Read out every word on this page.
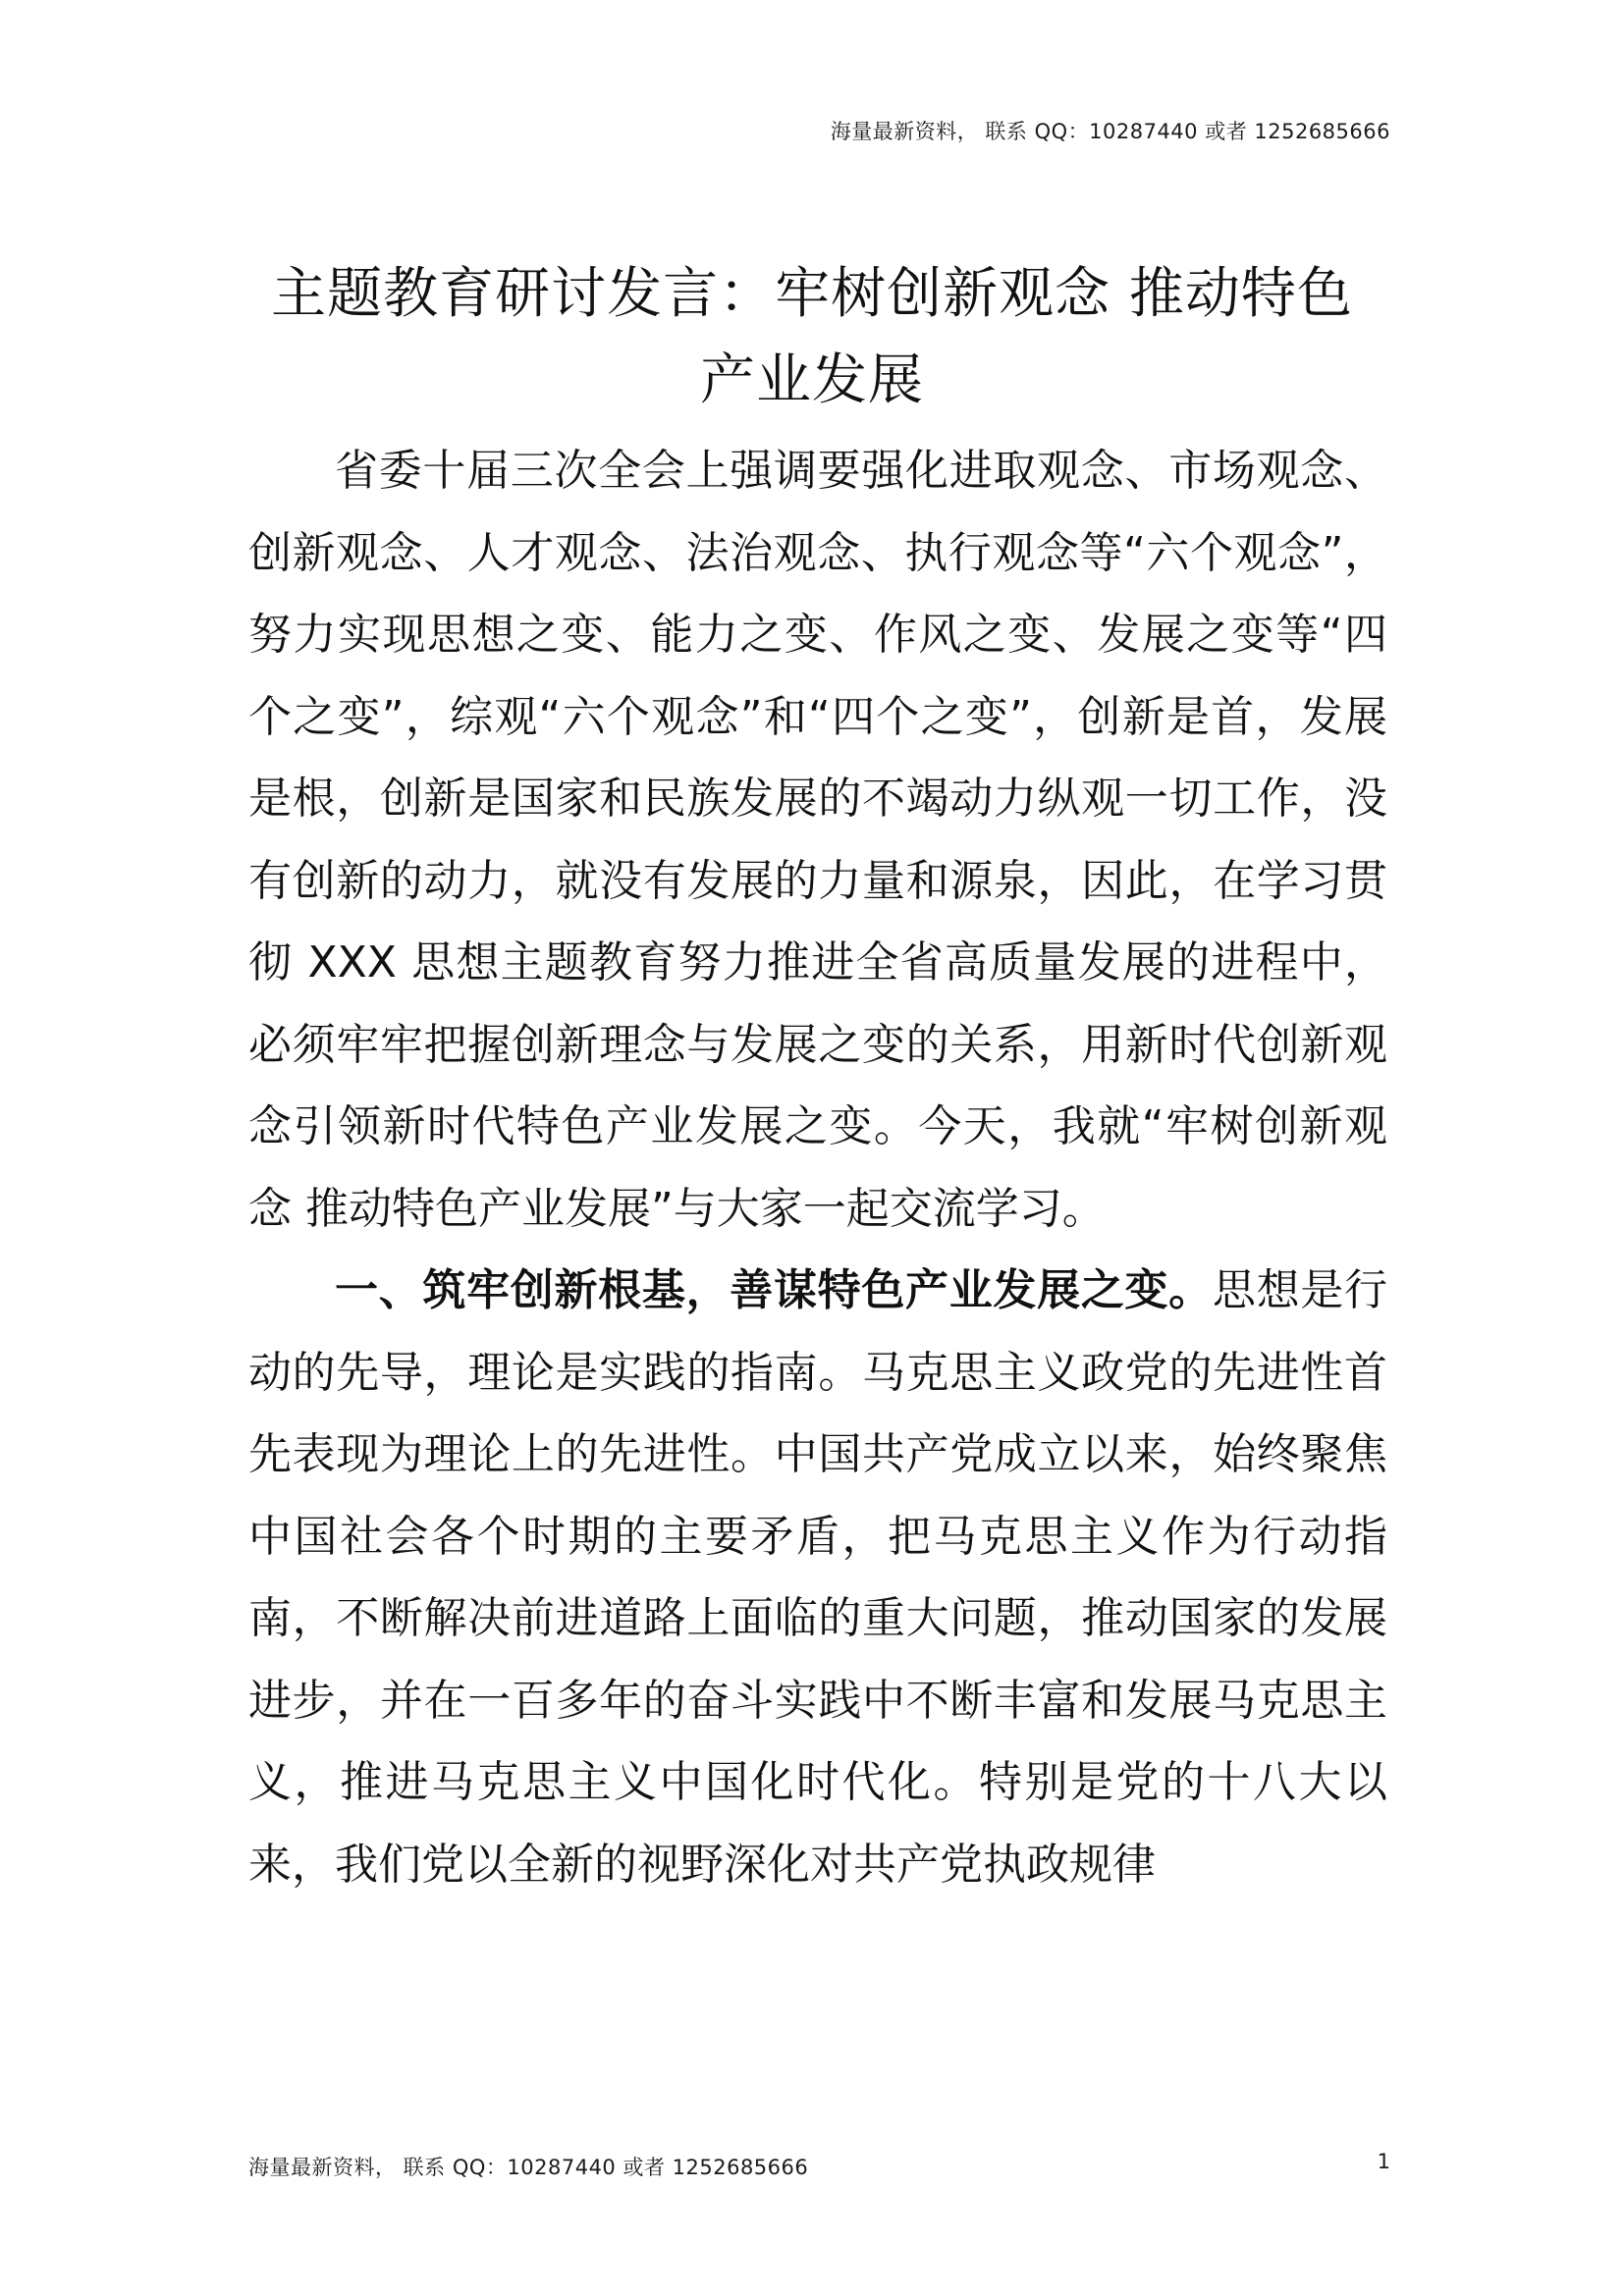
海量最新资料， 联系 QQ：10287440 或者 1252685666
主题教育研讨发言：牢树创新观念 推动特色产业发展

省委十届三次全会上强调要强化进取观念、市场观念、创新观念、人才观念、法治观念、执行观念等“六个观念”，努力实现思想之变、能力之变、作风之变、发展之变等“四个之变”，综观“六个观念”和“四个之变”，创新是首，发展是根，创新是国家和民族发展的不竭动力纵观一切工作，没有创新的动力，就没有发展的力量和源泉，因此，在学习贯彻 XXX 思想主题教育努力推进全省高质量发展的进程中，必须牢牢把握创新理念与发展之变的关系，用新时代创新观念引领新时代特色产业发展之变。今天，我就“牢树创新观念 推动特色产业发展”与大家一起交流学习。

一、筑牢创新根基，善谋特色产业发展之变。思想是行动的先导，理论是实践的指南。马克思主义政党的先进性首先表现为理论上的先进性。中国共产党成立以来，始终聚焦中国社会各个时期的主要矛盾，把马克思主义作为行动指南，不断解决前进道路上面临的重大问题，推动国家的发展进步，并在一百多年的奋斗实践中不断丰富和发展马克思主义，推进马克思主义中国化时代化。特别是党的十八大以来，我们党以全新的视野深化对共产党执政规律

海量最新资料， 联系 QQ：10287440 或者 1252685666	1
